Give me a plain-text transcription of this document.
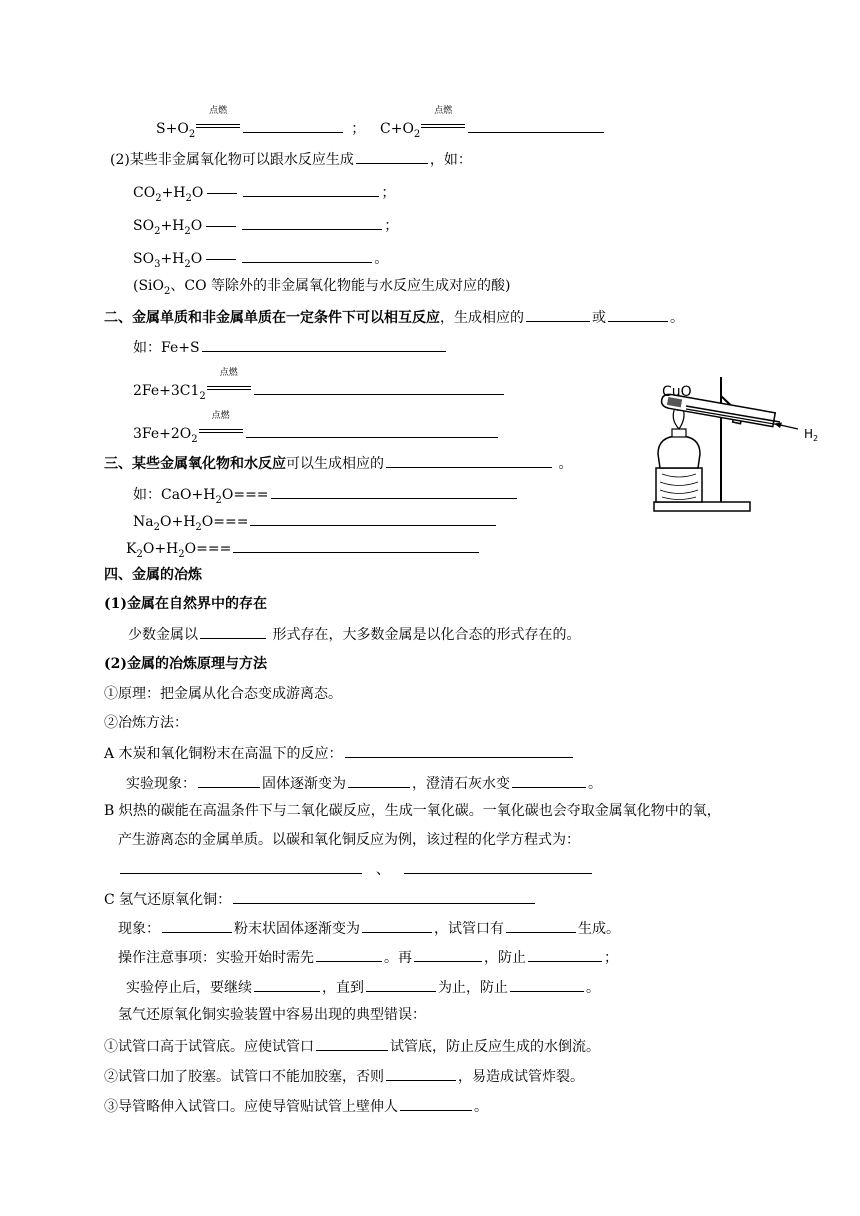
$S+O_2$
点燃
； $C+O_2$
点燃
(2)某些非金属氧化物可以跟水反应生成	，如：
$CO_2+H_2O$	；
$SO_2+H_2O$	；
$SO_3+H_2O$	。
(SiO$_2$、CO 等除外的非金属氧化物能与水反应生成对应的酸)
二、金属单质和非金属单质在一定条件下可以相互反应，生成相应的	或	。
如：Fe+S
$2Fe+3C1_2$
点燃
$3Fe+2O_2$
点燃
三、某些金属氧化物和水反应可以生成相应的	。
如：$CaO+H_2O===$
$Na_2O+H_2O===$
$K_2O+H_2O===$
四、金属的冶炼
(1)金属在自然界中的存在
少数金属以	形式存在，大多数金属是以化合态的形式存在的。
(2)金属的冶炼原理与方法
①原理：把金属从化合态变成游离态。
②冶炼方法：
A 木炭和氧化铜粉末在高温下的反应：
实验现象：	固体逐渐变为	，澄清石灰水变	。
B 炽热的碳能在高温条件下与二氧化碳反应，生成一氧化碳。一氧化碳也会夺取金属氧化物中的氧，
产生游离态的金属单质。以碳和氧化铜反应为例，该过程的化学方程式为：
、
C 氢气还原氧化铜：
现象：	粉末状固体逐渐变为	，试管口有	生成。
操作注意事项：实验开始时需先	。再	，防止	；
实验停止后，要继续	，直到	为止，防止	。
氢气还原氧化铜实验装置中容易出现的典型错误：
①试管口高于试管底。应使试管口	试管底，防止反应生成的水倒流。
②试管口加了胶塞。试管口不能加胶塞，否则	，易造成试管炸裂。
③导管略伸入试管口。应使导管贴试管上壁伸人	。
CuO
$H_2$
